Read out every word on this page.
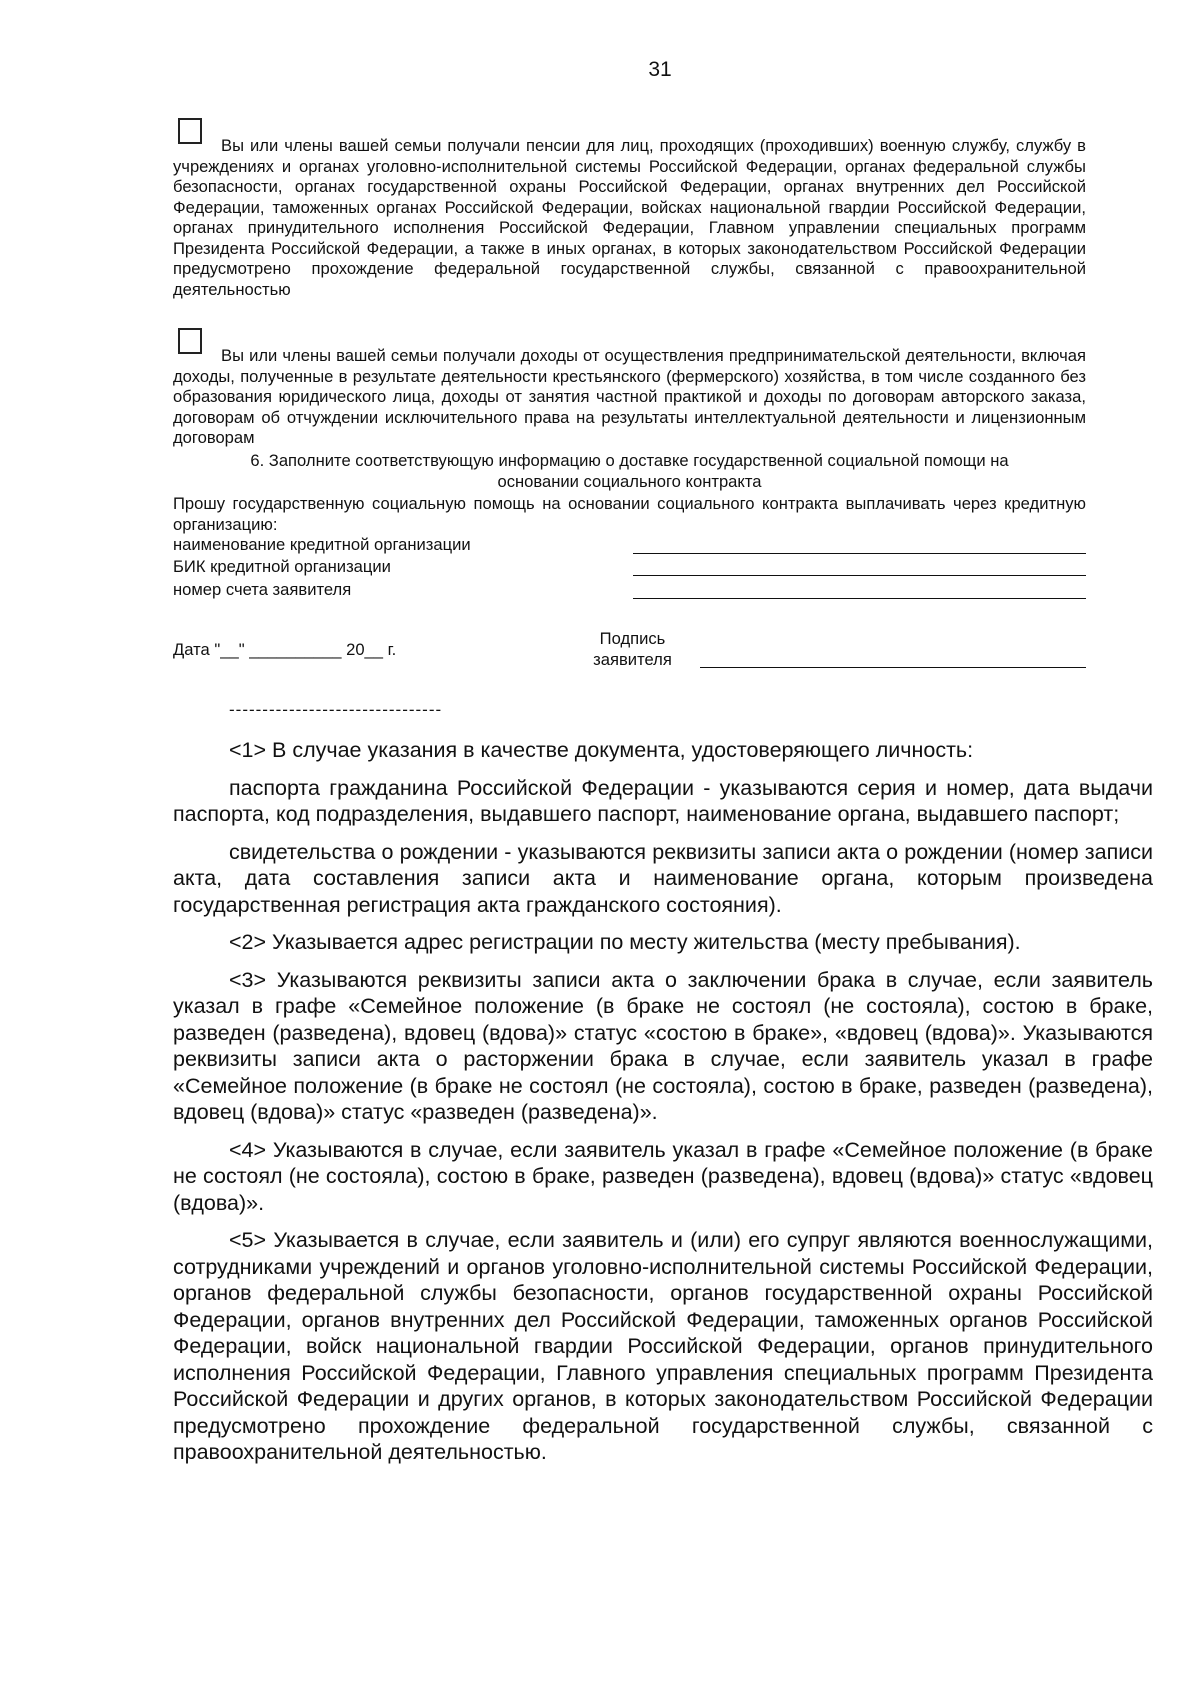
31
Вы или члены вашей семьи получали пенсии для лиц, проходящих (проходивших) военную службу, службу в учреждениях и органах уголовно-исполнительной системы Российской Федерации, органах федеральной службы безопасности, органах государственной охраны Российской Федерации, органах внутренних дел Российской Федерации, таможенных органах Российской Федерации, войсках национальной гвардии Российской Федерации, органах принудительного исполнения Российской Федерации, Главном управлении специальных программ Президента Российской Федерации, а также в иных органах, в которых законодательством Российской Федерации предусмотрено прохождение федеральной государственной службы, связанной с правоохранительной деятельностью
Вы или члены вашей семьи получали доходы от осуществления предпринимательской деятельности, включая доходы, полученные в результате деятельности крестьянского (фермерского) хозяйства, в том числе созданного без образования юридического лица, доходы от занятия частной практикой и доходы по договорам авторского заказа, договорам об отчуждении исключительного права на результаты интеллектуальной деятельности и лицензионным договорам
6. Заполните соответствующую информацию о доставке государственной социальной помощи на
основании социального контракта
Прошу государственную социальную помощь на основании социального контракта выплачивать через кредитную организацию:
наименование кредитной организации
БИК кредитной организации
номер счета заявителя
Дата "__" __________ 20__ г.
Подпись
заявителя
--------------------------------

<1> В случае указания в качестве документа, удостоверяющего личность:

паспорта гражданина Российской Федерации - указываются серия и номер, дата выдачи паспорта, код подразделения, выдавшего паспорт, наименование органа, выдавшего паспорт;

свидетельства о рождении - указываются реквизиты записи акта о рождении (номер записи акта, дата составления записи акта и наименование органа, которым произведена государственная регистрация акта гражданского состояния).

<2> Указывается адрес регистрации по месту жительства (месту пребывания).

<3> Указываются реквизиты записи акта о заключении брака в случае, если заявитель указал в графе «Семейное положение (в браке не состоял (не состояла), состою в браке, разведен (разведена), вдовец (вдова)» статус «состою в браке», «вдовец (вдова)». Указываются реквизиты записи акта о расторжении брака в случае, если заявитель указал в графе «Семейное положение (в браке не состоял (не состояла), состою в браке, разведен (разведена), вдовец (вдова)» статус «разведен (разведена)».

<4> Указываются в случае, если заявитель указал в графе «Семейное положение (в браке не состоял (не состояла), состою в браке, разведен (разведена), вдовец (вдова)» статус «вдовец (вдова)».

<5> Указывается в случае, если заявитель и (или) его супруг являются военнослужащими, сотрудниками учреждений и органов уголовно-исполнительной системы Российской Федерации, органов федеральной службы безопасности, органов государственной охраны Российской Федерации, органов внутренних дел Российской Федерации, таможенных органов Российской Федерации, войск национальной гвардии Российской Федерации, органов принудительного исполнения Российской Федерации, Главного управления специальных программ Президента Российской Федерации и других органов, в которых законодательством Российской Федерации предусмотрено прохождение федеральной государственной службы, связанной с правоохранительной деятельностью.
